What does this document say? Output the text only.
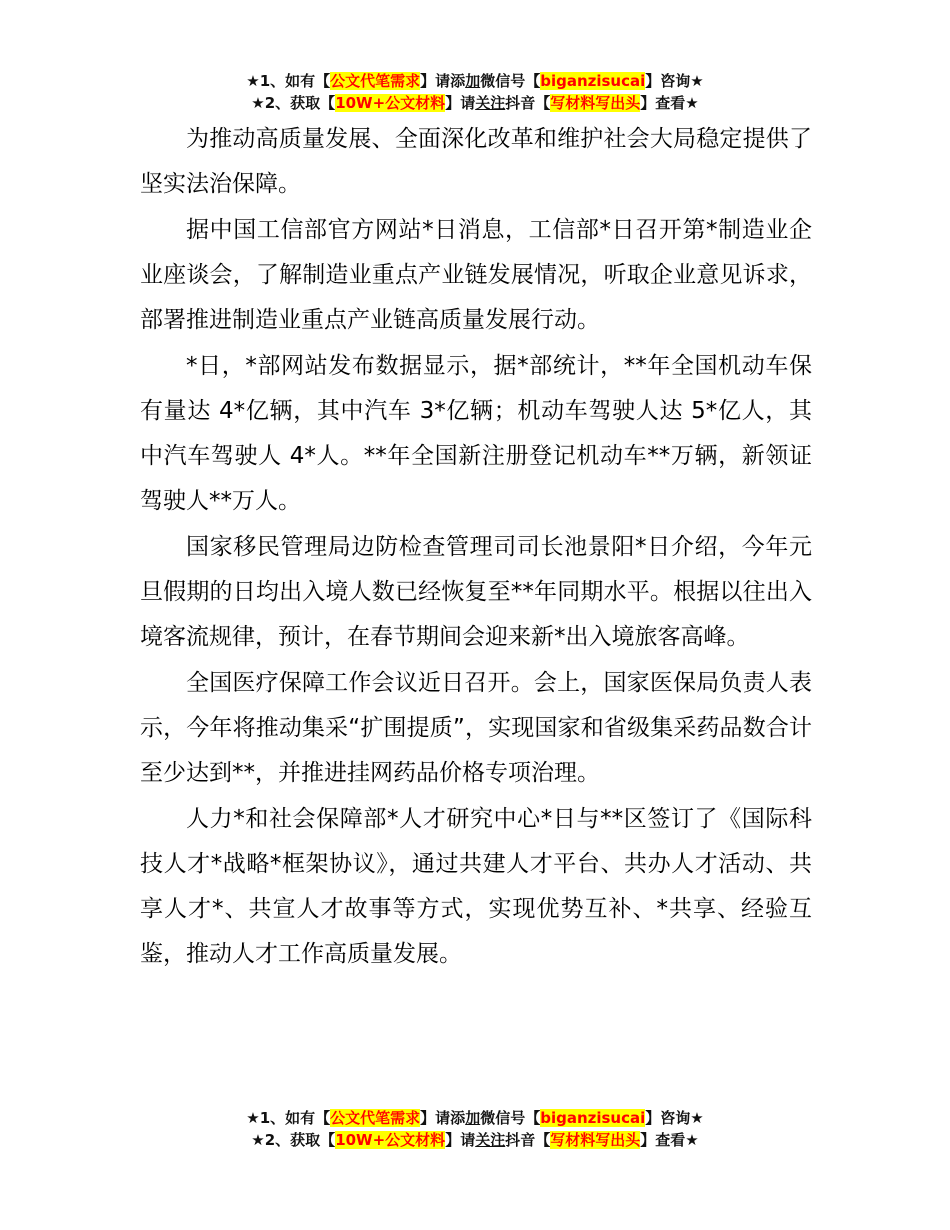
★1、如有【公文代笔需求】请添加微信号【biganzisucai】咨询★
★2、获取【10W+公文材料】请关注抖音【写材料写出头】查看★

为推动高质量发展、全面深化改革和维护社会大局稳定提供了坚实法治保障。

据中国工信部官方网站*日消息，工信部*日召开第*制造业企业座谈会，了解制造业重点产业链发展情况，听取企业意见诉求，部署推进制造业重点产业链高质量发展行动。

*日，*部网站发布数据显示，据*部统计，**年全国机动车保有量达 4*亿辆，其中汽车 3*亿辆；机动车驾驶人达 5*亿人，其中汽车驾驶人 4*人。**年全国新注册登记机动车**万辆，新领证驾驶人**万人。

国家移民管理局边防检查管理司司长池景阳*日介绍，今年元旦假期的日均出入境人数已经恢复至**年同期水平。根据以往出入境客流规律，预计，在春节期间会迎来新*出入境旅客高峰。

全国医疗保障工作会议近日召开。会上，国家医保局负责人表示，今年将推动集采“扩围提质”，实现国家和省级集采药品数合计至少达到**，并推进挂网药品价格专项治理。

人力*和社会保障部*人才研究中心*日与**区签订了《国际科技人才*战略*框架协议》，通过共建人才平台、共办人才活动、共享人才*、共宣人才故事等方式，实现优势互补、*共享、经验互鉴，推动人才工作高质量发展。

★1、如有【公文代笔需求】请添加微信号【biganzisucai】咨询★
★2、获取【10W+公文材料】请关注抖音【写材料写出头】查看★
